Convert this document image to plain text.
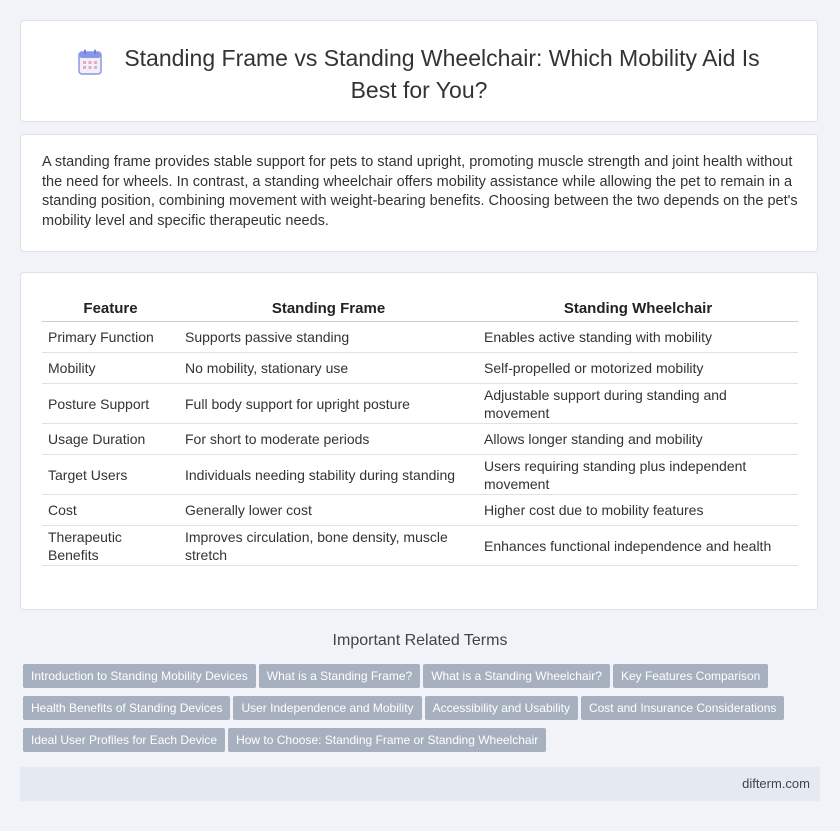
Standing Frame vs Standing Wheelchair: Which Mobility Aid Is Best for You?
A standing frame provides stable support for pets to stand upright, promoting muscle strength and joint health without the need for wheels. In contrast, a standing wheelchair offers mobility assistance while allowing the pet to remain in a standing position, combining movement with weight-bearing benefits. Choosing between the two depends on the pet's mobility level and specific therapeutic needs.
Feature	Standing Frame	Standing Wheelchair
Primary Function	Supports passive standing	Enables active standing with mobility
Mobility	No mobility, stationary use	Self-propelled or motorized mobility
Posture Support	Full body support for upright posture	Adjustable support during standing and movement
Usage Duration	For short to moderate periods	Allows longer standing and mobility
Target Users	Individuals needing stability during standing	Users requiring standing plus independent movement
Cost	Generally lower cost	Higher cost due to mobility features
Therapeutic Benefits	Improves circulation, bone density, muscle stretch	Enhances functional independence and health
Important Related Terms
Introduction to Standing Mobility Devices What is a Standing Frame? What is a Standing Wheelchair? Key Features Comparison
Health Benefits of Standing Devices User Independence and Mobility Accessibility and Usability Cost and Insurance Considerations
Ideal User Profiles for Each Device How to Choose: Standing Frame or Standing Wheelchair
difterm.com
